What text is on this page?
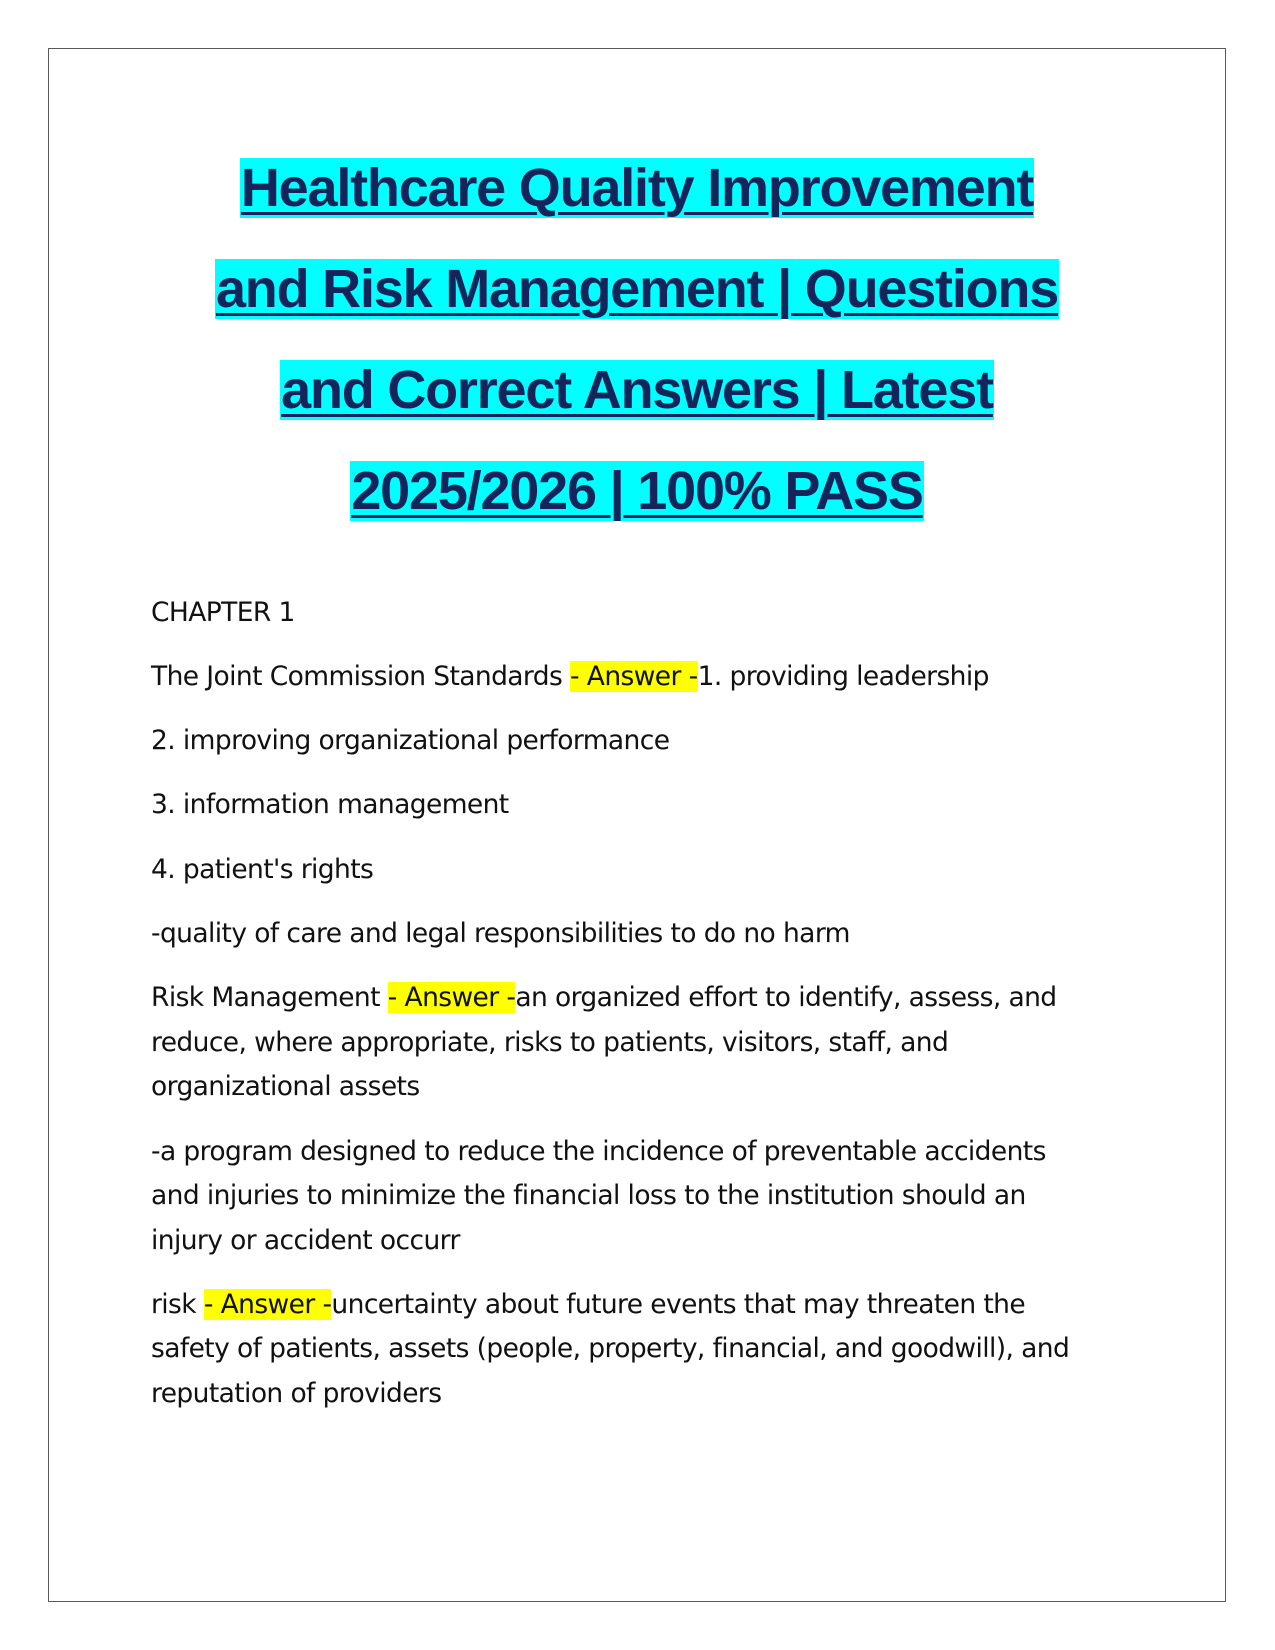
Healthcare Quality Improvement
and Risk Management | Questions
and Correct Answers | Latest
2025/2026 | 100% PASS
CHAPTER 1
The Joint Commission Standards - Answer -1. providing leadership
2. improving organizational performance
3. information management
4. patient's rights
-quality of care and legal responsibilities to do no harm
Risk Management - Answer -an organized effort to identify, assess, and
reduce, where appropriate, risks to patients, visitors, staff, and
organizational assets
-a program designed to reduce the incidence of preventable accidents
and injuries to minimize the financial loss to the institution should an
injury or accident occurr
risk - Answer -uncertainty about future events that may threaten the
safety of patients, assets (people, property, financial, and goodwill), and
reputation of providers
